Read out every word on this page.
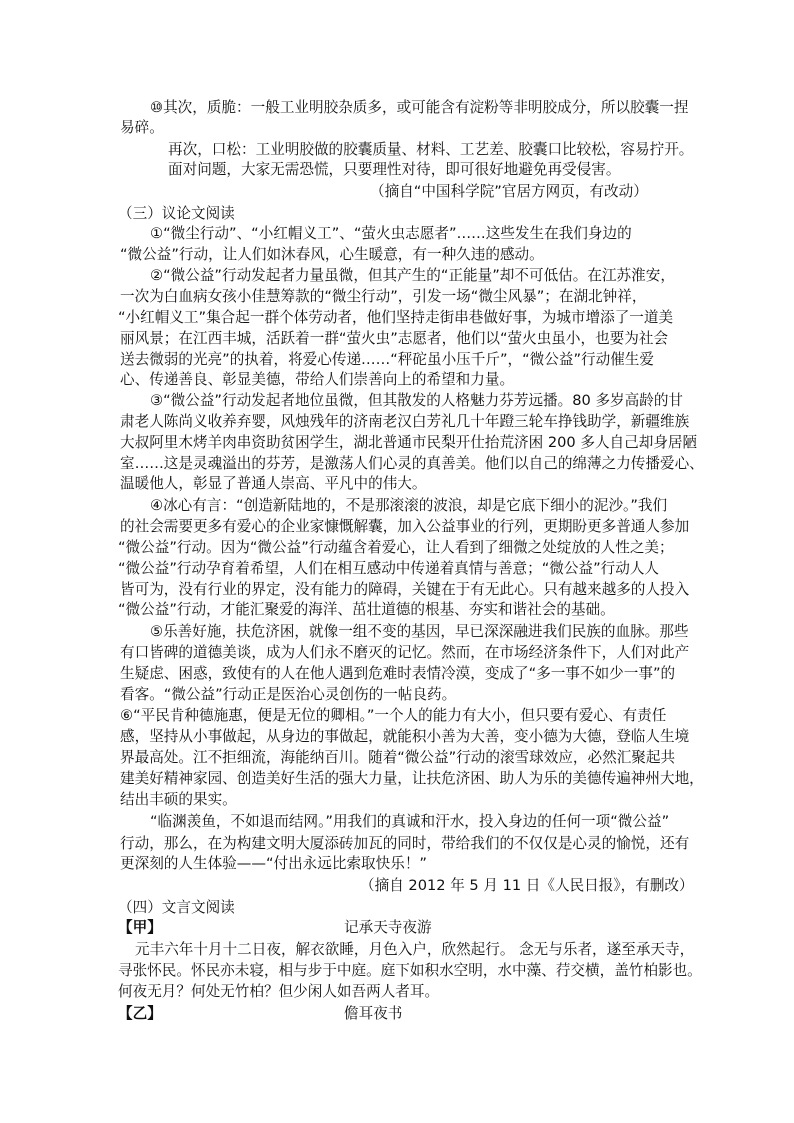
⑩其次，质脆：一般工业明胶杂质多，或可能含有淀粉等非明胶成分，所以胶囊一捏

易碎。

再次，口松：工业明胶做的胶囊质量、材料、工艺差、胶囊口比较松，容易拧开。

面对问题，大家无需恐慌，只要理性对待，即可很好地避免再受侵害。

（摘自“中国科学院”官居方网页，有改动）

（三）议论文阅读

①“微尘行动”、“小红帽义工”、“萤火虫志愿者”……这些发生在我们身边的

“微公益”行动，让人们如沐春风，心生暖意，有一种久违的感动。

②“微公益”行动发起者力量虽微，但其产生的“正能量”却不可低估。在江苏淮安，

一次为白血病女孩小佳慧筹款的“微尘行动”，引发一场“微尘风暴”；在湖北钟祥，

“小红帽义工”集合起一群个体劳动者，他们坚持走街串巷做好事，为城市增添了一道美

丽风景；在江西丰城，活跃着一群“萤火虫”志愿者，他们以“萤火虫虽小，也要为社会

送去微弱的光亮”的执着，将爱心传递……“秤砣虽小压千斤”，“微公益”行动催生爱

心、传递善良、彰显美德，带给人们崇善向上的希望和力量。

③“微公益”行动发起者地位虽微，但其散发的人格魅力芬芳远播。80 多岁高龄的甘

肃老人陈尚义收养弃婴，风烛残年的济南老汉白芳礼几十年蹬三轮车挣钱助学，新疆维族

大叔阿里木烤羊肉串资助贫困学生，湖北普通市民梨开仕抬荒济困 200 多人自己却身居陋

室……这是灵魂溢出的芬芳，是激荡人们心灵的真善美。他们以自己的绵薄之力传播爱心、

温暖他人，彰显了普通人崇高、平凡中的伟大。

④冰心有言：“创造新陆地的，不是那滚滚的波浪，却是它底下细小的泥沙。”我们

的社会需要更多有爱心的企业家慷慨解囊，加入公益事业的行列，更期盼更多普通人参加

“微公益”行动。因为“微公益”行动蕴含着爱心，让人看到了细微之处绽放的人性之美；

“微公益”行动孕育着希望，人们在相互感动中传递着真情与善意；“微公益”行动人人

皆可为，没有行业的界定，没有能力的障碍，关键在于有无此心。只有越来越多的人投入

“微公益”行动，才能汇聚爱的海洋、茁壮道德的根基、夯实和谐社会的基础。

⑤乐善好施，扶危济困，就像一组不变的基因，早已深深融进我们民族的血脉。那些

有口皆碑的道德美谈，成为人们永不磨灭的记忆。然而，在市场经济条件下，人们对此产

生疑虑、困惑，致使有的人在他人遇到危难时表情冷漠，变成了“多一事不如少一事”的

看客。“微公益”行动正是医治心灵创伤的一帖良药。

⑥“平民肯种德施惠，便是无位的卿相。”一个人的能力有大小，但只要有爱心、有责任

感，坚持从小事做起，从身边的事做起，就能积小善为大善，变小德为大德，登临人生境

界最高处。江不拒细流，海能纳百川。随着“微公益”行动的滚雪球效应，必然汇聚起共

建美好精神家园、创造美好生活的强大力量，让扶危济困、助人为乐的美德传遍神州大地，

结出丰硕的果实。

“临渊羡鱼，不如退而结网。”用我们的真诚和汗水，投入身边的任何一项“微公益”

行动，那么，在为构建文明大厦添砖加瓦的同时，带给我们的不仅仅是心灵的愉悦，还有

更深刻的人生体验——“付出永远比索取快乐！”

（摘自 2012 年 5 月 11 日《人民日报》，有删改）

（四）文言文阅读

【甲】	记承天寺夜游

元丰六年十月十二日夜，解衣欲睡，月色入户，欣然起行。 念无与乐者，遂至承天寺，

寻张怀民。怀民亦未寝，相与步于中庭。庭下如积水空明，水中藻、荇交横，盖竹柏影也。

何夜无月？何处无竹柏？但少闲人如吾两人者耳。

【乙】	儋耳夜书
